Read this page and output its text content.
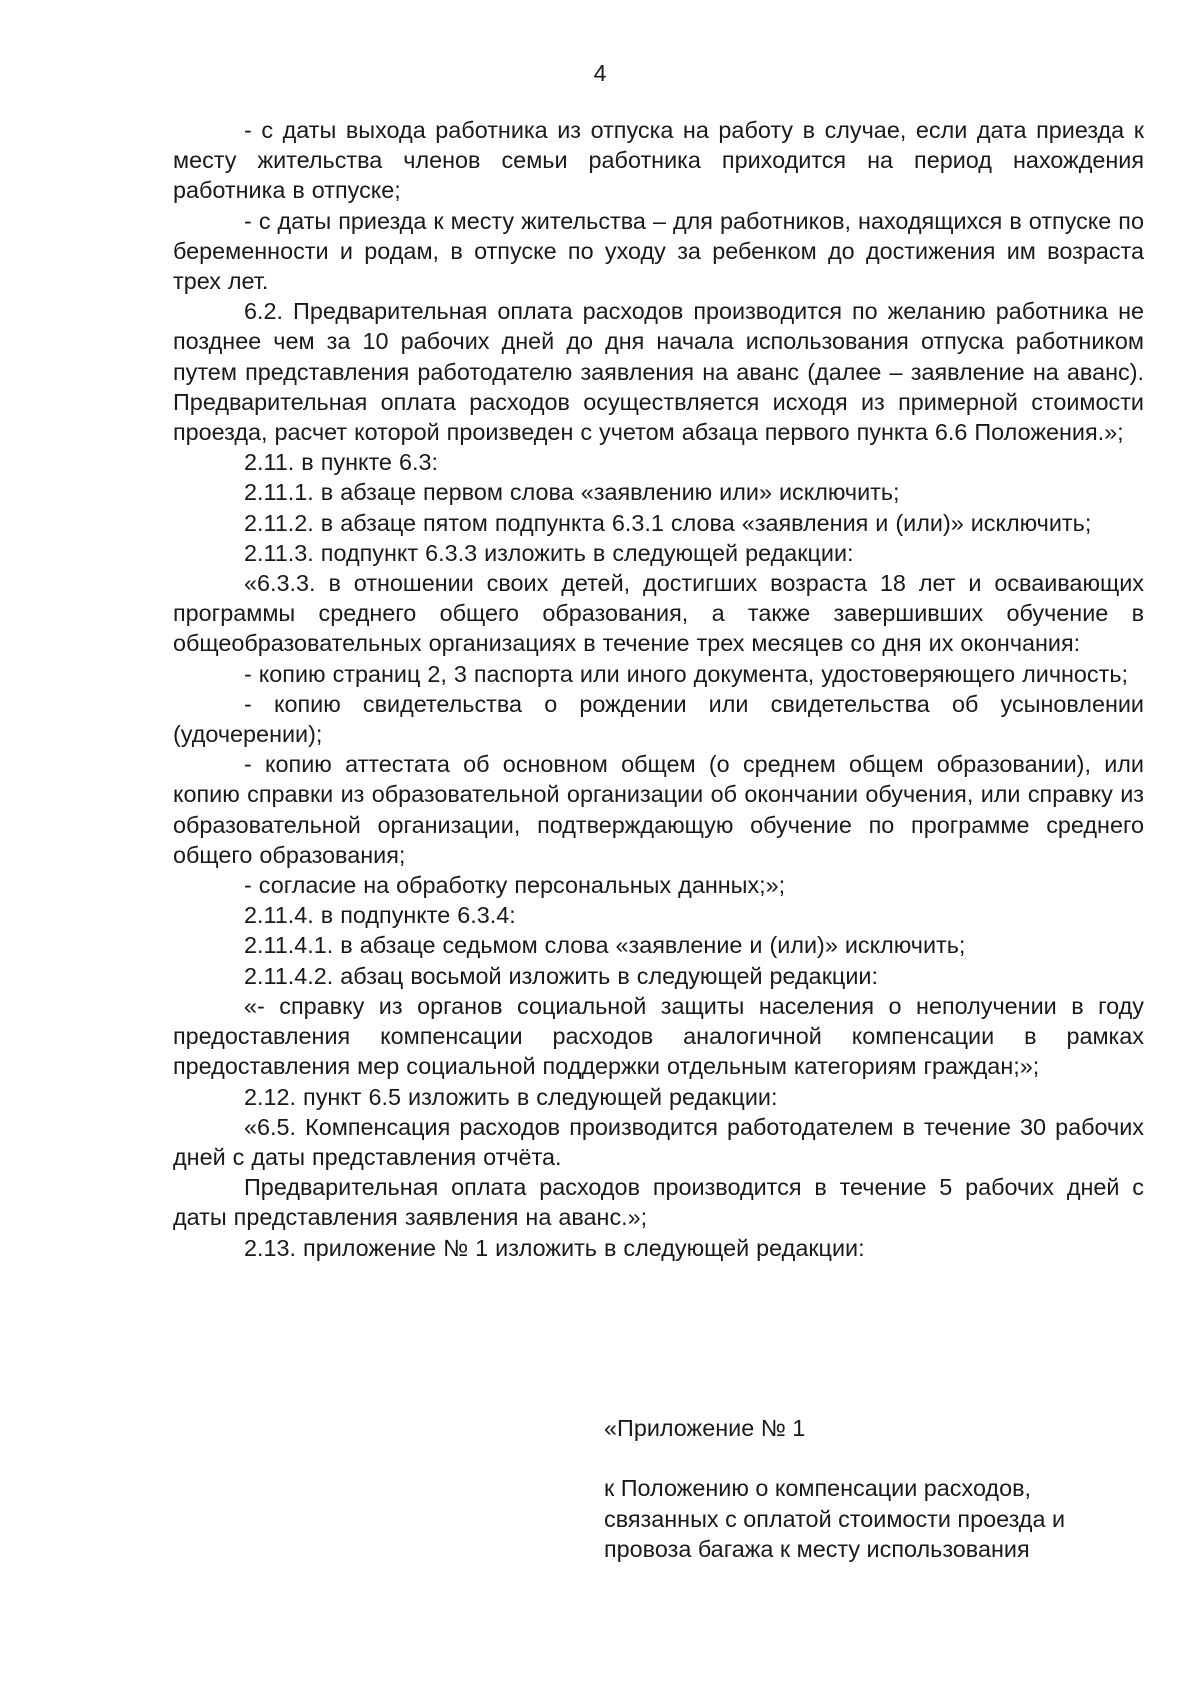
4

- с даты выхода работника из отпуска на работу в случае, если дата приезда к месту жительства членов семьи работника приходится на период нахождения работника в отпуске;

- с даты приезда к месту жительства – для работников, находящихся в отпуске по беременности и родам, в отпуске по уходу за ребенком до достижения им возраста трех лет.

6.2. Предварительная оплата расходов производится по желанию работника не позднее чем за 10 рабочих дней до дня начала использования отпуска работником путем представления работодателю заявления на аванс (далее – заявление на аванс). Предварительная оплата расходов осуществляется исходя из примерной стоимости проезда, расчет которой произведен с учетом абзаца первого пункта 6.6 Положения.»;

2.11. в пункте 6.3:

2.11.1. в абзаце первом слова «заявлению или» исключить;

2.11.2. в абзаце пятом подпункта 6.3.1 слова «заявления и (или)» исключить;

2.11.3. подпункт 6.3.3 изложить в следующей редакции:

«6.3.3. в отношении своих детей, достигших возраста 18 лет и осваивающих программы среднего общего образования, а также завершивших обучение в общеобразовательных организациях в течение трех месяцев со дня их окончания:

- копию страниц 2, 3 паспорта или иного документа, удостоверяющего личность;

- копию свидетельства о рождении или свидетельства об усыновлении (удочерении);

- копию аттестата об основном общем (о среднем общем образовании), или копию справки из образовательной организации об окончании обучения, или справку из образовательной организации, подтверждающую обучение по программе среднего общего образования;

- согласие на обработку персональных данных;»;

2.11.4. в подпункте 6.3.4:

2.11.4.1. в абзаце седьмом слова «заявление и (или)» исключить;

2.11.4.2. абзац восьмой изложить в следующей редакции:

«- справку из органов социальной защиты населения о неполучении в году предоставления компенсации расходов аналогичной компенсации в рамках предоставления мер социальной поддержки отдельным категориям граждан;»;

2.12. пункт 6.5 изложить в следующей редакции:

«6.5. Компенсация расходов производится работодателем в течение 30 рабочих дней с даты представления отчёта.

Предварительная оплата расходов производится в течение 5 рабочих дней с даты представления заявления на аванс.»;

2.13. приложение № 1 изложить в следующей редакции:

«Приложение № 1

к Положению о компенсации расходов,

связанных с оплатой стоимости проезда и

провоза багажа к месту использования
